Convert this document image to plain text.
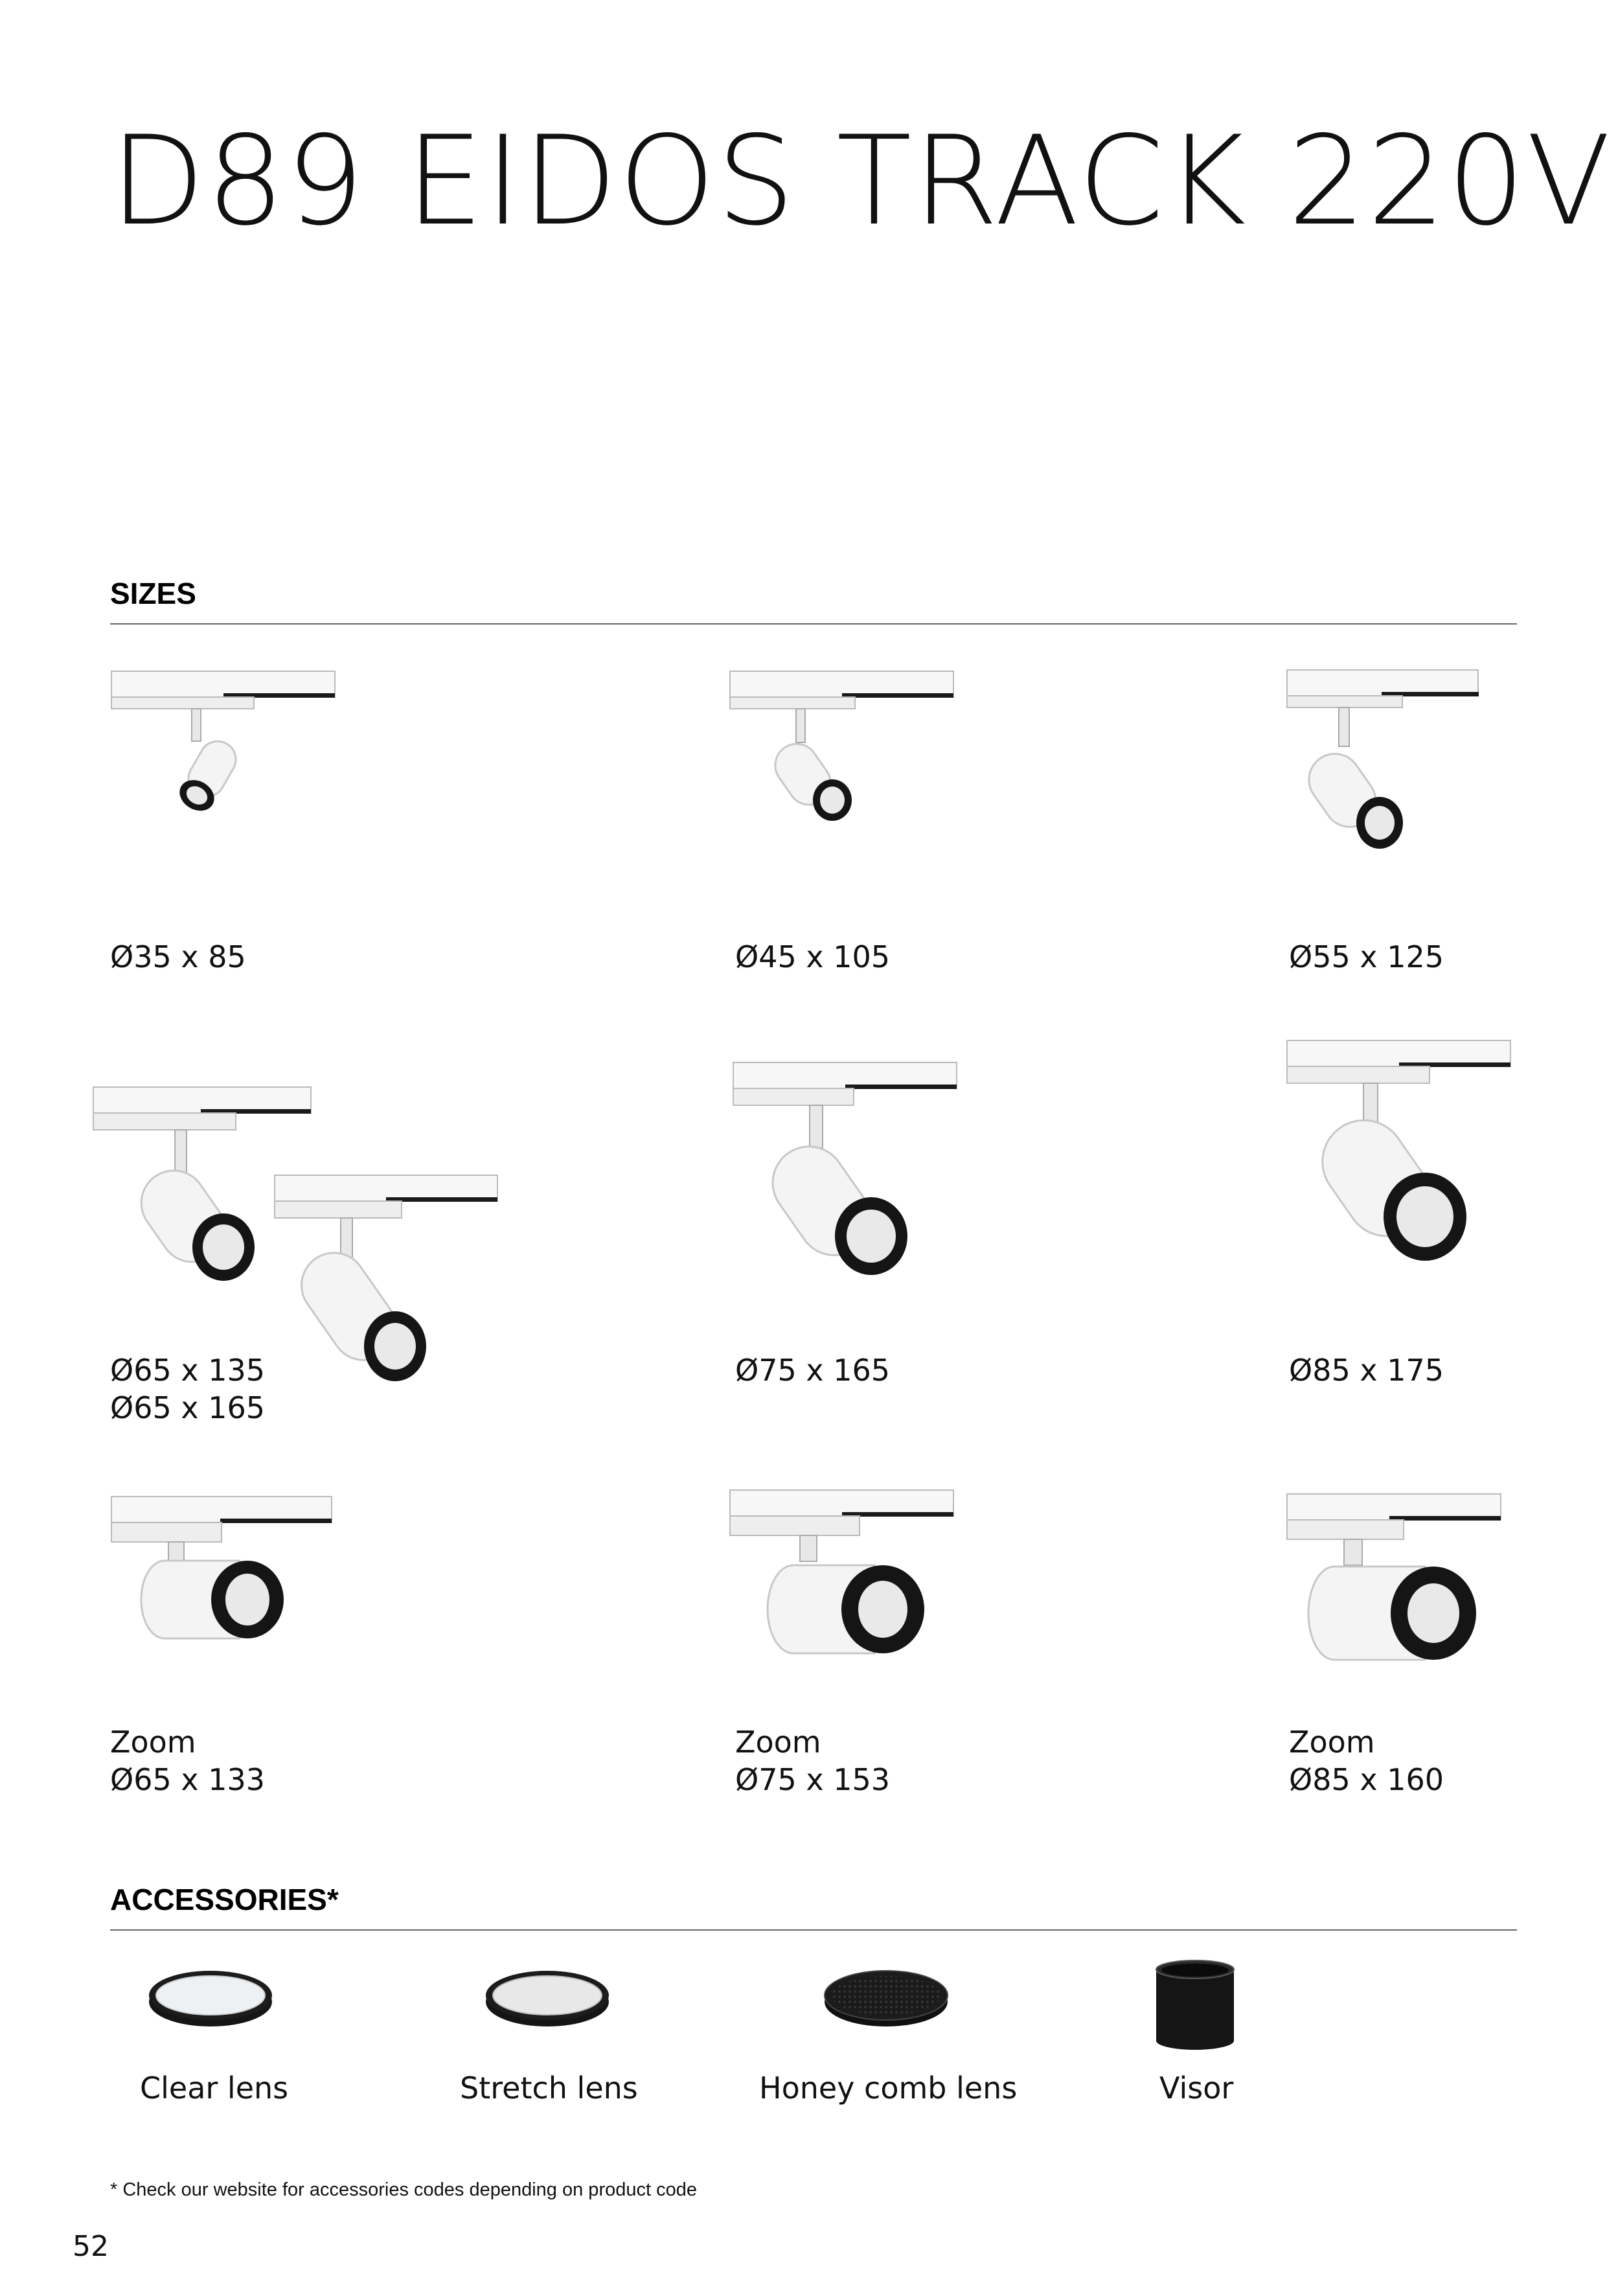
D89 EIDOS TRACK 220V
SIZES
Ø35 x 85	Ø45 x 105	Ø55 x 125
Ø65 x 135
Ø65 x 165
Ø75 x 165	Ø85 x 175
Zoom
Ø65 x 133
Zoom
Ø75 x 153
Zoom
Ø85 x 160
ACCESSORIES*
Clear lens	Stretch lens	Honey comb lens	Visor
* Check our website for accessories codes depending on product code
52
